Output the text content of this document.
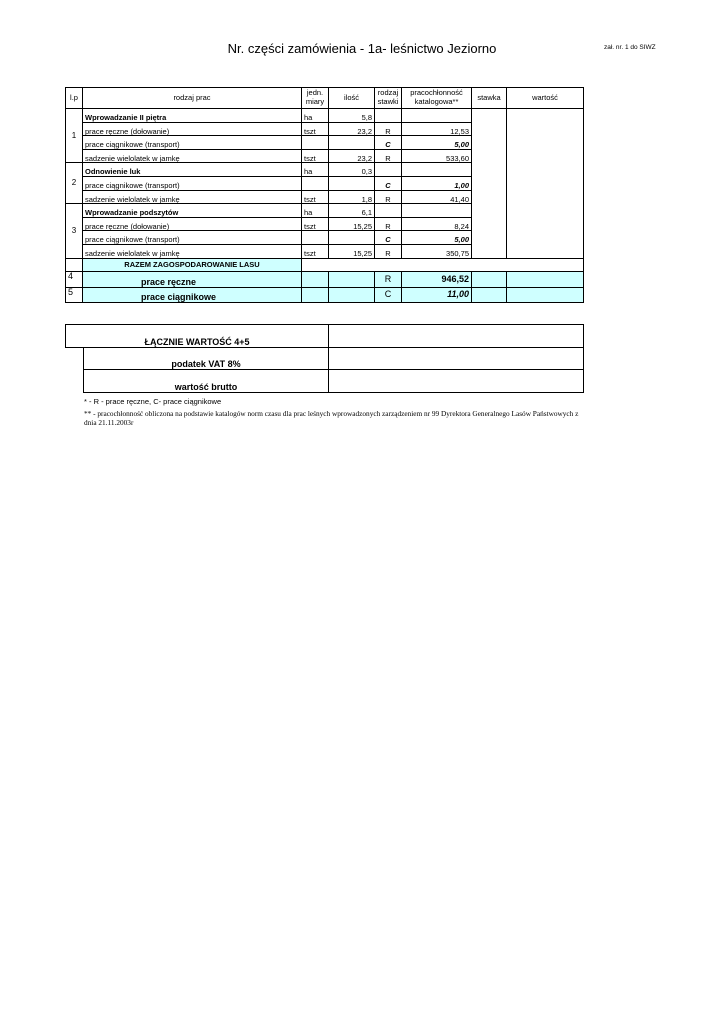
Nr. części zamówienia - 1a- leśnictwo Jeziorno	zał. nr. 1 do SIWZ
l.p	rodzaj prac	jedn. miary	ilość	rodzaj stawki	pracochłonność katalogowa**	stawka	wartość
1	Wprowadzanie II piętra	ha	5,8				
	prace ręczne (dołowanie)	tszt	23,2	R	12,53		
	prace ciągnikowe (transport)			C	5,00		
	sadzenie wielolatek w jamkę	tszt	23,2	R	533,60		
2	Odnowienie luk	ha	0,3				
	prace ciągnikowe (transport)			C	1,00		
	sadzenie wielolatek w jamkę	tszt	1,8	R	41,40		
3	Wprowadzanie podszytów	ha	6,1				
	prace ręczne (dołowanie)	tszt	15,25	R	8,24		
	prace ciągnikowe (transport)			C	5,00		
	sadzenie wielolatek w jamkę	tszt	15,25	R	350,75		
	RAZEM ZAGOSPODAROWANIE LASU						
4	prace ręczne			R	946,52		
5	prace ciągnikowe			C	11,00		
ŁĄCZNIE WARTOŚĆ 4+5		
	podatek VAT 8%	
	wartość brutto	
* - R - prace ręczne, C- prace ciągnikowe
** - pracochłonność obliczona na podstawie katalogów norm czasu dla prac leśnych wprowadzonych zarządzeniem nr 99 Dyrektora Generalnego Lasów Państwowych z dnia 21.11.2003r
